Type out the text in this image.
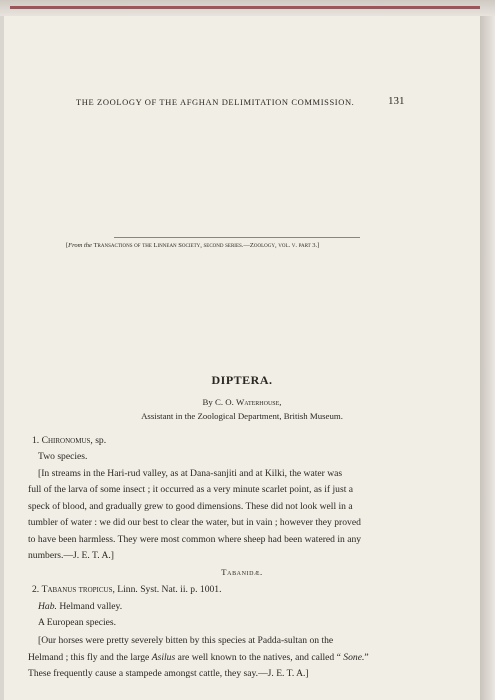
THE ZOOLOGY OF THE AFGHAN DELIMITATION COMMISSION.	131
[From the Transactions of the Linnean Society, second series.—Zoology, vol. v. part 3.]
DIPTERA.
By C. O. Waterhouse,
Assistant in the Zoological Department, British Museum.
1. Chironomus, sp.
Two species.
[In streams in the Hari-rud valley, as at Dana-sanjiti and at Kilki, the water was
full of the larva of some insect ; it occurred as a very minute scarlet point, as if just a
speck of blood, and gradually grew to good dimensions. These did not look well in a
tumbler of water : we did our best to clear the water, but in vain ; however they proved
to have been harmless. They were most common where sheep had been watered in any
numbers.—J. E. T. A.]
Tabanidæ.
2. Tabanus tropicus, Linn. Syst. Nat. ii. p. 1001.
Hab. Helmand valley.
A European species.
[Our horses were pretty severely bitten by this species at Padda-sultan on the
Helmand ; this fly and the large Asilus are well known to the natives, and called “ Sone.”
These frequently cause a stampede amongst cattle, they say.—J. E. T. A.]
